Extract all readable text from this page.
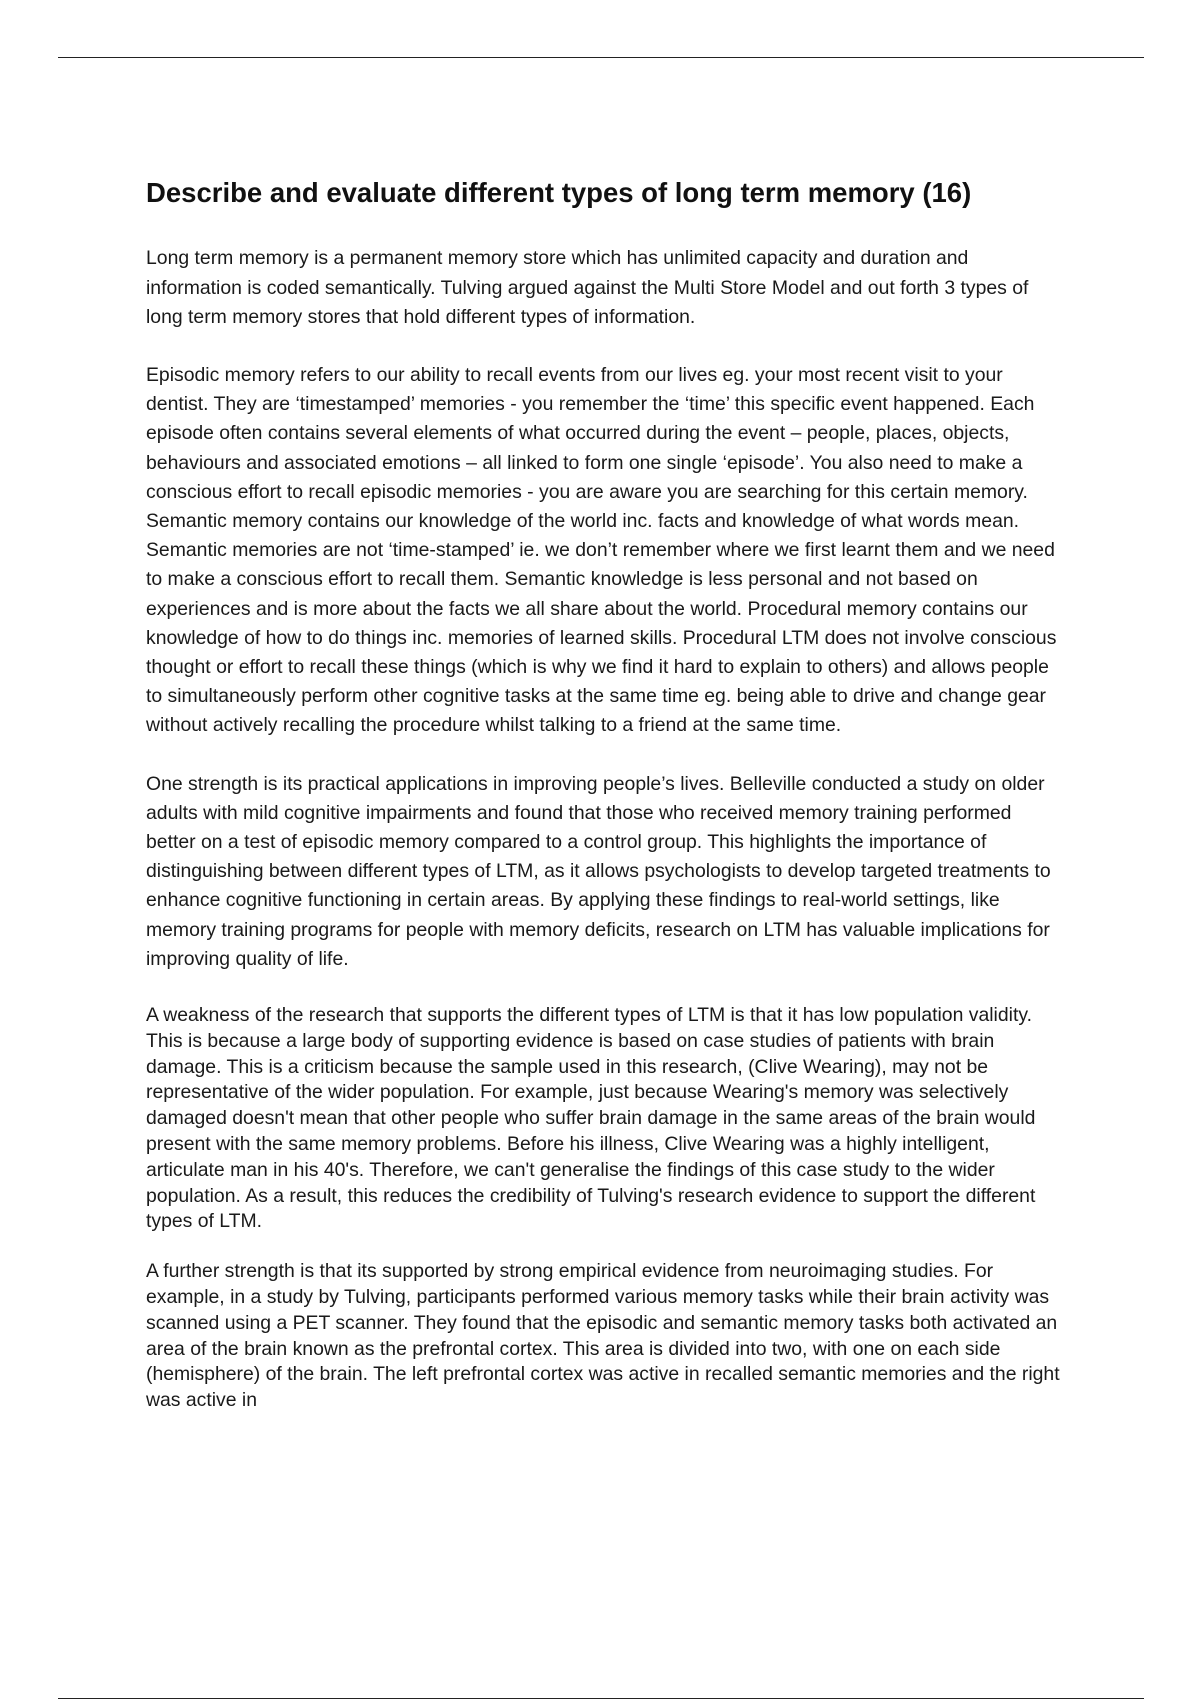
Describe and evaluate different types of long term memory (16)

Long term memory is a permanent memory store which has unlimited capacity and duration and information is coded semantically. Tulving argued against the Multi Store Model and out forth 3 types of long term memory stores that hold different types of information.

Episodic memory refers to our ability to recall events from our lives eg. your most recent visit to your dentist. They are ‘timestamped’ memories - you remember the ‘time’ this specific event happened. Each episode often contains several elements of what occurred during the event – people, places, objects, behaviours and associated emotions – all linked to form one single ‘episode’. You also need to make a conscious effort to recall episodic memories - you are aware you are searching for this certain memory. Semantic memory contains our knowledge of the world inc. facts and knowledge of what words mean. Semantic memories are not ‘time-stamped’ ie. we don’t remember where we first learnt them and we need to make a conscious effort to recall them. Semantic knowledge is less personal and not based on experiences and is more about the facts we all share about the world. Procedural memory contains our knowledge of how to do things inc. memories of learned skills. Procedural LTM does not involve conscious thought or effort to recall these things (which is why we find it hard to explain to others) and allows people to simultaneously perform other cognitive tasks at the same time eg. being able to drive and change gear without actively recalling the procedure whilst talking to a friend at the same time.

One strength is its practical applications in improving people’s lives. Belleville conducted a study on older adults with mild cognitive impairments and found that those who received memory training performed better on a test of episodic memory compared to a control group. This highlights the importance of distinguishing between different types of LTM, as it allows psychologists to develop targeted treatments to enhance cognitive functioning in certain areas. By applying these findings to real-world settings, like memory training programs for people with memory deficits, research on LTM has valuable implications for improving quality of life.

A weakness of the research that supports the different types of LTM is that it has low population validity. This is because a large body of supporting evidence is based on case studies of patients with brain damage. This is a criticism because the sample used in this research, (Clive Wearing), may not be representative of the wider population. For example, just because Wearing's memory was selectively damaged doesn't mean that other people who suffer brain damage in the same areas of the brain would present with the same memory problems. Before his illness, Clive Wearing was a highly intelligent, articulate man in his 40's. Therefore, we can't generalise the findings of this case study to the wider population. As a result, this reduces the credibility of Tulving's research evidence to support the different types of LTM.

A further strength is that its supported by strong empirical evidence from neuroimaging studies. For example, in a study by Tulving, participants performed various memory tasks while their brain activity was scanned using a PET scanner. They found that the episodic and semantic memory tasks both activated an area of the brain known as the prefrontal cortex. This area is divided into two, with one on each side (hemisphere) of the brain. The left prefrontal cortex was active in recalled semantic memories and the right was active in
